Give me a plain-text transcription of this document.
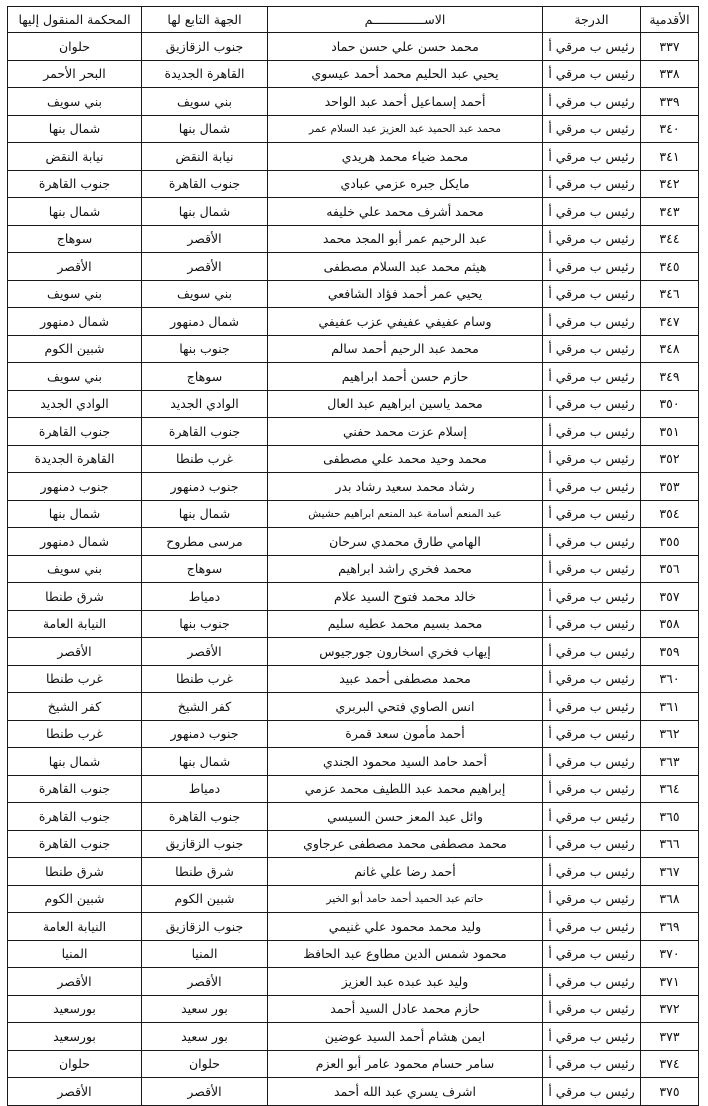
الأقدمية	الدرجة	الاســــــــــــــم	الجهة التابع لها	المحكمة المنقول إليها
٣٣٧	رئيس ب مرقي أ	محمد حسن علي حسن حماد	جنوب الزقازيق	حلوان
٣٣٨	رئيس ب مرقي أ	يحيي عبد الحليم محمد أحمد عيسوي	القاهرة الجديدة	البحر الأحمر
٣٣٩	رئيس ب مرقي أ	أحمد إسماعيل أحمد عبد الواحد	بني سويف	بني سويف
٣٤٠	رئيس ب مرقي أ	محمد عبد الحميد عبد العزيز عبد السلام عمر	شمال بنها	شمال بنها
٣٤١	رئيس ب مرقي أ	محمد ضياء محمد هريدي	نيابة النقض	نيابة النقض
٣٤٢	رئيس ب مرقي أ	مايكل جبره عزمي عبادي	جنوب القاهرة	جنوب القاهرة
٣٤٣	رئيس ب مرقي أ	محمد أشرف محمد علي خليفه	شمال بنها	شمال بنها
٣٤٤	رئيس ب مرقي أ	عبد الرحيم عمر أبو المجد محمد	الأقصر	سوهاج
٣٤٥	رئيس ب مرقي أ	هيثم محمد عبد السلام مصطفى	الأقصر	الأقصر
٣٤٦	رئيس ب مرقي أ	يحيي عمر أحمد فؤاد الشافعي	بني سويف	بني سويف
٣٤٧	رئيس ب مرقي أ	وسام عفيفي عفيفي عزب عفيفي	شمال دمنهور	شمال دمنهور
٣٤٨	رئيس ب مرقي أ	محمد عبد الرحيم أحمد سالم	جنوب بنها	شبين الكوم
٣٤٩	رئيس ب مرقي أ	حازم حسن أحمد ابراهيم	سوهاج	بني سويف
٣٥٠	رئيس ب مرقي أ	محمد ياسين ابراهيم عبد العال	الوادي الجديد	الوادي الجديد
٣٥١	رئيس ب مرقي أ	إسلام عزت محمد حفني	جنوب القاهرة	جنوب القاهرة
٣٥٢	رئيس ب مرقي أ	محمد وحيد محمد علي مصطفى	غرب طنطا	القاهرة الجديدة
٣٥٣	رئيس ب مرقي أ	رشاد محمد سعيد رشاد بدر	جنوب دمنهور	جنوب دمنهور
٣٥٤	رئيس ب مرقي أ	عبد المنعم أسامة عبد المنعم ابراهيم حشيش	شمال بنها	شمال بنها
٣٥٥	رئيس ب مرقي أ	الهامي طارق محمدي سرحان	مرسى مطروح	شمال دمنهور
٣٥٦	رئيس ب مرقي أ	محمد فخري راشد ابراهيم	سوهاج	بني سويف
٣٥٧	رئيس ب مرقي أ	خالد محمد فتوح السيد علام	دمياط	شرق طنطا
٣٥٨	رئيس ب مرقي أ	محمد بسيم محمد عطيه سليم	جنوب بنها	النيابة العامة
٣٥٩	رئيس ب مرقي أ	إيهاب فخري اسخارون جورجيوس	الأقصر	الأقصر
٣٦٠	رئيس ب مرقي أ	محمد مصطفى أحمد عبيد	غرب طنطا	غرب طنطا
٣٦١	رئيس ب مرقي أ	انس الصاوي فتحي البربري	كفر الشيخ	كفر الشيخ
٣٦٢	رئيس ب مرقي أ	أحمد مأمون سعد قمرة	جنوب دمنهور	غرب طنطا
٣٦٣	رئيس ب مرقي أ	أحمد حامد السيد محمود الجندي	شمال بنها	شمال بنها
٣٦٤	رئيس ب مرقي أ	إبراهيم محمد عبد اللطيف محمد عزمي	دمياط	جنوب القاهرة
٣٦٥	رئيس ب مرقي أ	وائل عبد المعز حسن السيسي	جنوب القاهرة	جنوب القاهرة
٣٦٦	رئيس ب مرقي أ	محمد مصطفى محمد مصطفى عرجاوي	جنوب الزقازيق	جنوب القاهرة
٣٦٧	رئيس ب مرقي أ	أحمد رضا علي غانم	شرق طنطا	شرق طنطا
٣٦٨	رئيس ب مرقي أ	حاتم عبد الحميد أحمد حامد أبو الخير	شبين الكوم	شبين الكوم
٣٦٩	رئيس ب مرقي أ	وليد محمد محمود علي غنيمي	جنوب الزقازيق	النيابة العامة
٣٧٠	رئيس ب مرقي أ	محمود شمس الدين مطاوع عبد الحافظ	المنيا	المنيا
٣٧١	رئيس ب مرقي أ	وليد عبد عبده عبد العزيز	الأقصر	الأقصر
٣٧٢	رئيس ب مرقي أ	حازم محمد عادل السيد أحمد	بور سعيد	بورسعيد
٣٧٣	رئيس ب مرقي أ	ايمن هشام أحمد السيد عوضين	بور سعيد	بورسعيد
٣٧٤	رئيس ب مرقي أ	سامر حسام محمود عامر أبو العزم	حلوان	حلوان
٣٧٥	رئيس ب مرقي أ	اشرف يسري عبد الله أحمد	الأقصر	الأقصر
